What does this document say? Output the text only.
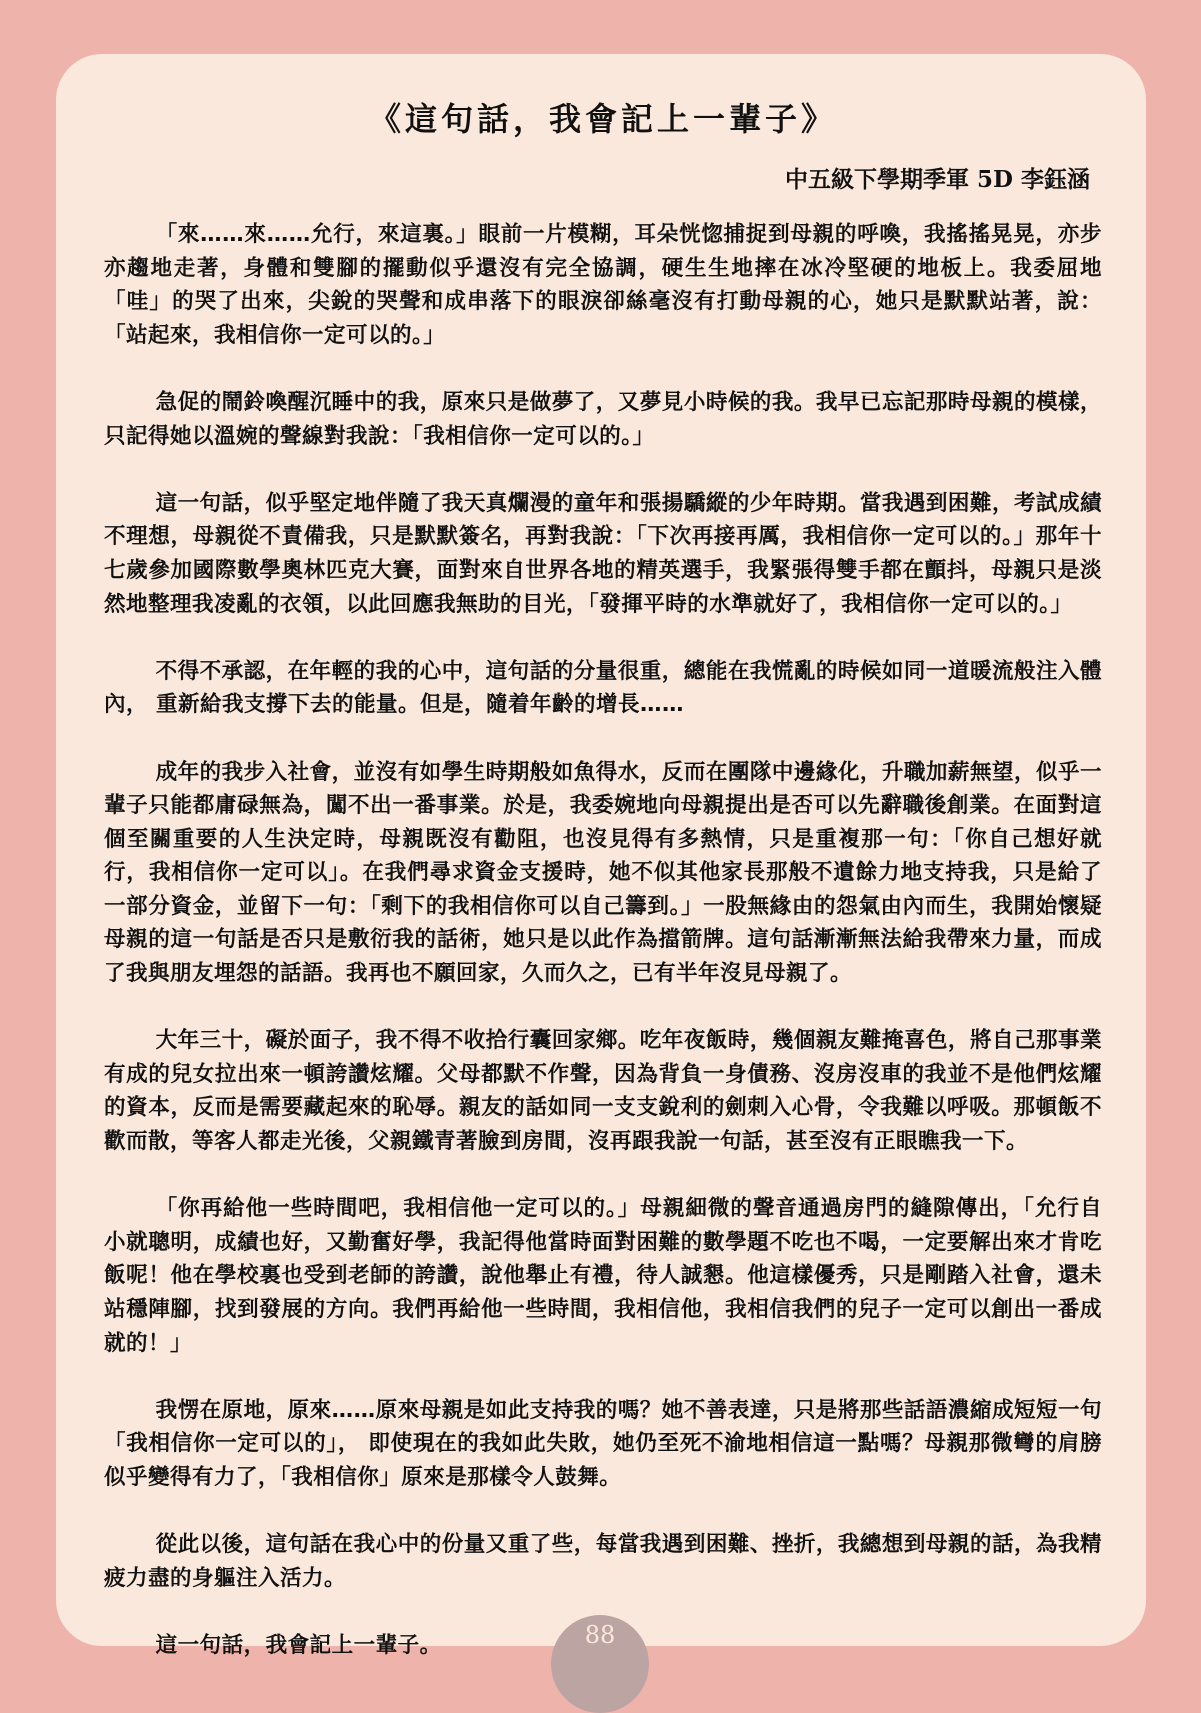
《這句話，我會記上一輩子》
中五級下學期季軍 5D 李鈺涵

「來……來……允行，來這裏。」眼前一片模糊，耳朵恍惚捕捉到母親的呼喚，我搖搖晃晃，亦步亦趨地走著，身體和雙腳的擺動似乎還沒有完全協調，硬生生地摔在冰冷堅硬的地板上。我委屈地「哇」的哭了出來，尖銳的哭聲和成串落下的眼淚卻絲毫沒有打動母親的心，她只是默默站著，說：「站起來，我相信你一定可以的。」

急促的鬧鈴喚醒沉睡中的我，原來只是做夢了，又夢見小時候的我。我早已忘記那時母親的模樣，只記得她以溫婉的聲線對我說：「我相信你一定可以的。」

這一句話，似乎堅定地伴隨了我天真爛漫的童年和張揚驕縱的少年時期。當我遇到困難，考試成績不理想，母親從不責備我，只是默默簽名，再對我說：「下次再接再厲，我相信你一定可以的。」那年十七歲參加國際數學奧林匹克大賽，面對來自世界各地的精英選手，我緊張得雙手都在顫抖，母親只是淡然地整理我凌亂的衣領，以此回應我無助的目光，「發揮平時的水準就好了，我相信你一定可以的。」

不得不承認，在年輕的我的心中，這句話的分量很重，總能在我慌亂的時候如同一道暖流般注入體內， 重新給我支撐下去的能量。但是，隨着年齡的增長……

成年的我步入社會，並沒有如學生時期般如魚得水，反而在團隊中邊緣化，升職加薪無望，似乎一輩子只能都庸碌無為，闖不出一番事業。於是，我委婉地向母親提出是否可以先辭職後創業。在面對這個至關重要的人生決定時，母親既沒有勸阻，也沒見得有多熱情，只是重複那一句：「你自己想好就行，我相信你一定可以」。在我們尋求資金支援時，她不似其他家長那般不遺餘力地支持我，只是給了一部分資金，並留下一句：「剩下的我相信你可以自己籌到。」一股無緣由的怨氣由內而生，我開始懷疑母親的這一句話是否只是敷衍我的話術，她只是以此作為擋箭牌。這句話漸漸無法給我帶來力量，而成了我與朋友埋怨的話語。我再也不願回家，久而久之，已有半年沒見母親了。

大年三十，礙於面子，我不得不收拾行囊回家鄉。吃年夜飯時，幾個親友難掩喜色，將自己那事業有成的兒女拉出來一頓誇讚炫耀。父母都默不作聲，因為背負一身債務、沒房沒車的我並不是他們炫耀的資本，反而是需要藏起來的恥辱。親友的話如同一支支銳利的劍刺入心骨，令我難以呼吸。那頓飯不歡而散，等客人都走光後，父親鐵青著臉到房間，沒再跟我說一句話，甚至沒有正眼瞧我一下。

「你再給他一些時間吧，我相信他一定可以的。」母親細微的聲音通過房門的縫隙傳出，「允行自小就聰明，成績也好，又勤奮好學，我記得他當時面對困難的數學題不吃也不喝，一定要解出來才肯吃飯呢！他在學校裏也受到老師的誇讚，說他舉止有禮，待人誠懇。他這樣優秀，只是剛踏入社會，還未站穩陣腳，找到發展的方向。我們再給他一些時間，我相信他，我相信我們的兒子一定可以創出一番成就的！」

我愣在原地，原來……原來母親是如此支持我的嗎？她不善表達，只是將那些話語濃縮成短短一句「我相信你一定可以的」， 即使現在的我如此失敗，她仍至死不渝地相信這一點嗎？母親那微彎的肩膀似乎變得有力了，「我相信你」原來是那樣令人鼓舞。

從此以後，這句話在我心中的份量又重了些，每當我遇到困難、挫折，我總想到母親的話，為我精疲力盡的身軀注入活力。

這一句話，我會記上一輩子。	88
